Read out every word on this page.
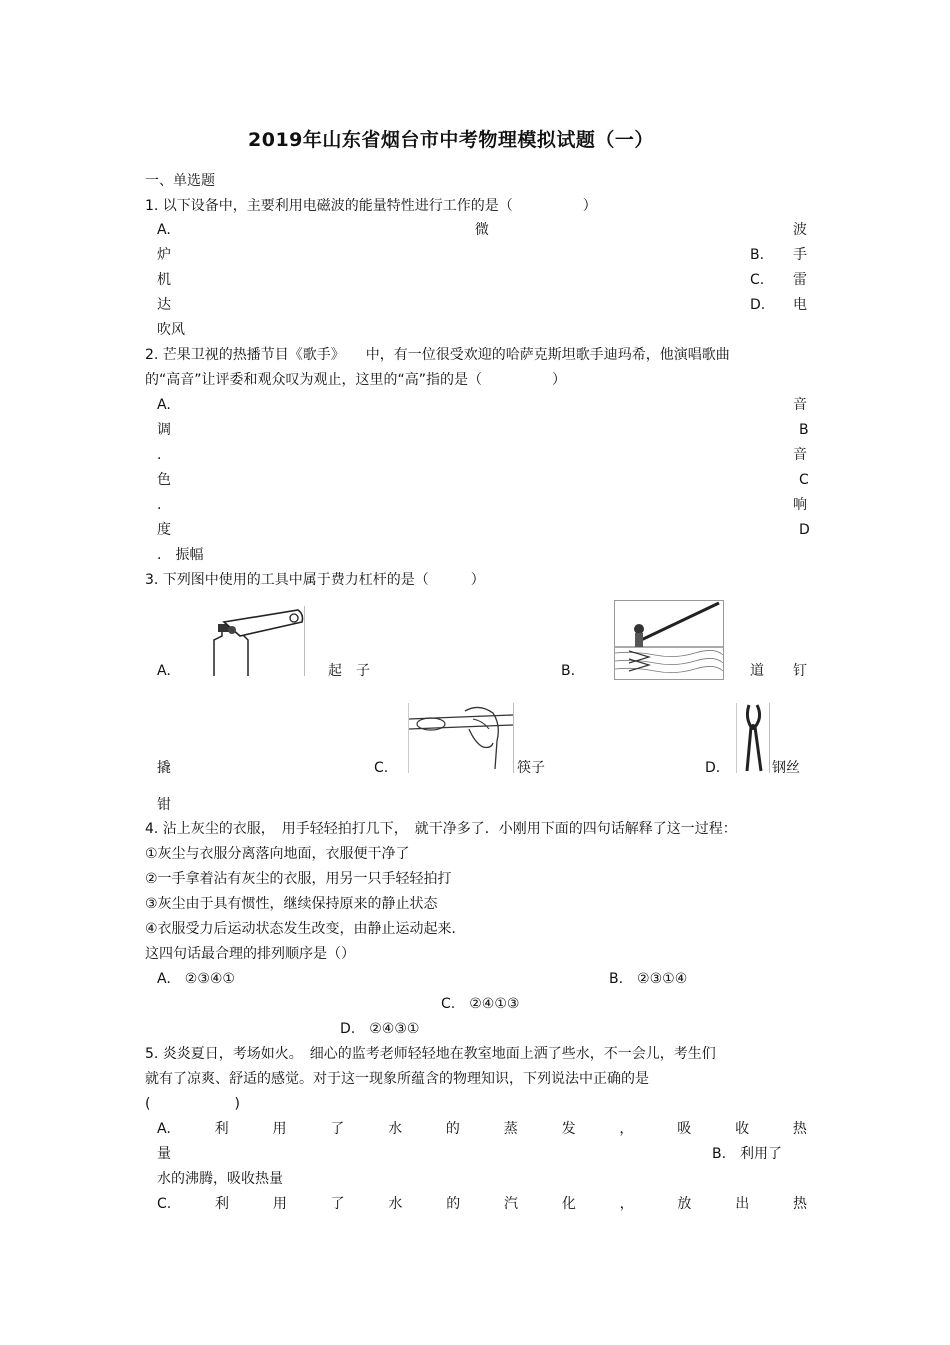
2019年山东省烟台市中考物理模拟试题（一）
一、单选题
1. 以下设备中，主要利用电磁波的能量特性进行工作的是（　　　　　）
A.	微	波
炉	B. 手
机	C. 雷
达	D. 电
吹风
2. 芒果卫视的热播节目《歌手》　　中，有一位很受欢迎的哈萨克斯坦歌手迪玛希，他演唱歌曲
的“高音”让评委和观众叹为观止，这里的“高”指的是（　　　　　）
A.	音
调	B
.	音
色	C
.	响
度	D
.　振幅
3. 下列图中使用的工具中属于费力杠杆的是（　　　）
A.	起　子	B.	道 钉
撬	C.	筷子	D.	钢丝
钳
4. 沾上灰尘的衣服，　用手轻轻拍打几下，　就干净多了．小刚用下面的四句话解释了这一过程：
①灰尘与衣服分离落向地面，衣服便干净了
②一手拿着沾有灰尘的衣服，用另一只手轻轻拍打
③灰尘由于具有惯性，继续保持原来的静止状态
④衣服受力后运动状态发生改变，由静止运动起来．
这四句话最合理的排列顺序是（）
A.　②③④①	B.　②③①④
C.　②④①③
D.　②④③①
5. 炎炎夏日，考场如火。　细心的监考老师轻轻地在教室地面上洒了些水，不一会儿，考生们
就有了凉爽、舒适的感觉。对于这一现象所蕴含的物理知识，下列说法中正确的是
(　　　　　　)
A.	利	用	了	水	的	蒸	发	，	吸	收	热
量	B.　利用了
水的沸腾，吸收热量
C.	利	用	了	水	的	汽	化	，	放	出	热
